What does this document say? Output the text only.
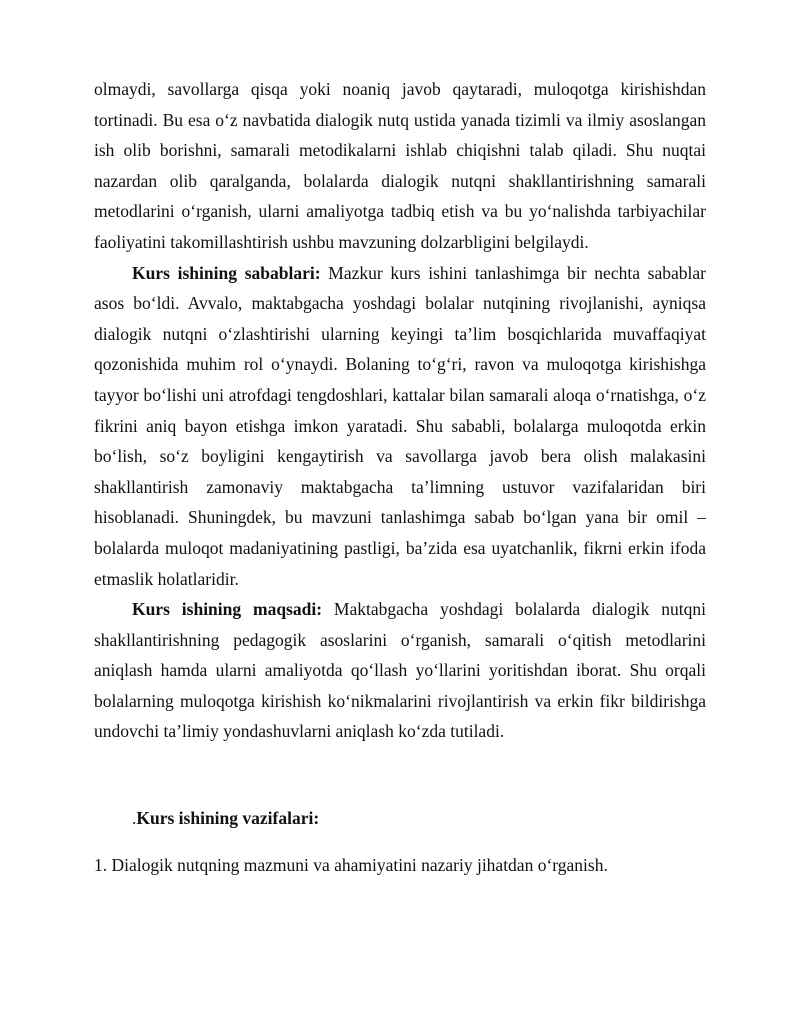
olmaydi, savollarga qisqa yoki noaniq javob qaytaradi, muloqotga kirishishdan tortinadi. Bu esa o‘z navbatida dialogik nutq ustida yanada tizimli va ilmiy asoslangan ish olib borishni, samarali metodikalarni ishlab chiqishni talab qiladi. Shu nuqtai nazardan olib qaralganda, bolalarda dialogik nutqni shakllantirishning samarali metodlarini o‘rganish, ularni amaliyotga tadbiq etish va bu yo‘nalishda tarbiyachilar faoliyatini takomillashtirish ushbu mavzuning dolzarbligini belgilaydi.

Kurs ishining sabablari: Mazkur kurs ishini tanlashimga bir nechta sabablar asos bo‘ldi. Avvalo, maktabgacha yoshdagi bolalar nutqining rivojlanishi, ayniqsa dialogik nutqni o‘zlashtirishi ularning keyingi ta’lim bosqichlarida muvaffaqiyat qozonishida muhim rol o‘ynaydi. Bolaning to‘g‘ri, ravon va muloqotga kirishishga tayyor bo‘lishi uni atrofdagi tengdoshlari, kattalar bilan samarali aloqa o‘rnatishga, o‘z fikrini aniq bayon etishga imkon yaratadi. Shu sababli, bolalarga muloqotda erkin bo‘lish, so‘z boyligini kengaytirish va savollarga javob bera olish malakasini shakllantirish zamonaviy maktabgacha ta’limning ustuvor vazifalaridan biri hisoblanadi. Shuningdek, bu mavzuni tanlashimga sabab bo‘lgan yana bir omil – bolalarda muloqot madaniyatining pastligi, ba’zida esa uyatchanlik, fikrni erkin ifoda etmaslik holatlaridir.

Kurs ishining maqsadi: Maktabgacha yoshdagi bolalarda dialogik nutqni shakllantirishning pedagogik asoslarini o‘rganish, samarali o‘qitish metodlarini aniqlash hamda ularni amaliyotda qo‘llash yo‘llarini yoritishdan iborat. Shu orqali bolalarning muloqotga kirishish ko‘nikmalarini rivojlantirish va erkin fikr bildirishga undovchi ta’limiy yondashuvlarni aniqlash ko‘zda tutiladi.

.Kurs ishining vazifalari:

1. Dialogik nutqning mazmuni va ahamiyatini nazariy jihatdan o‘rganish.
